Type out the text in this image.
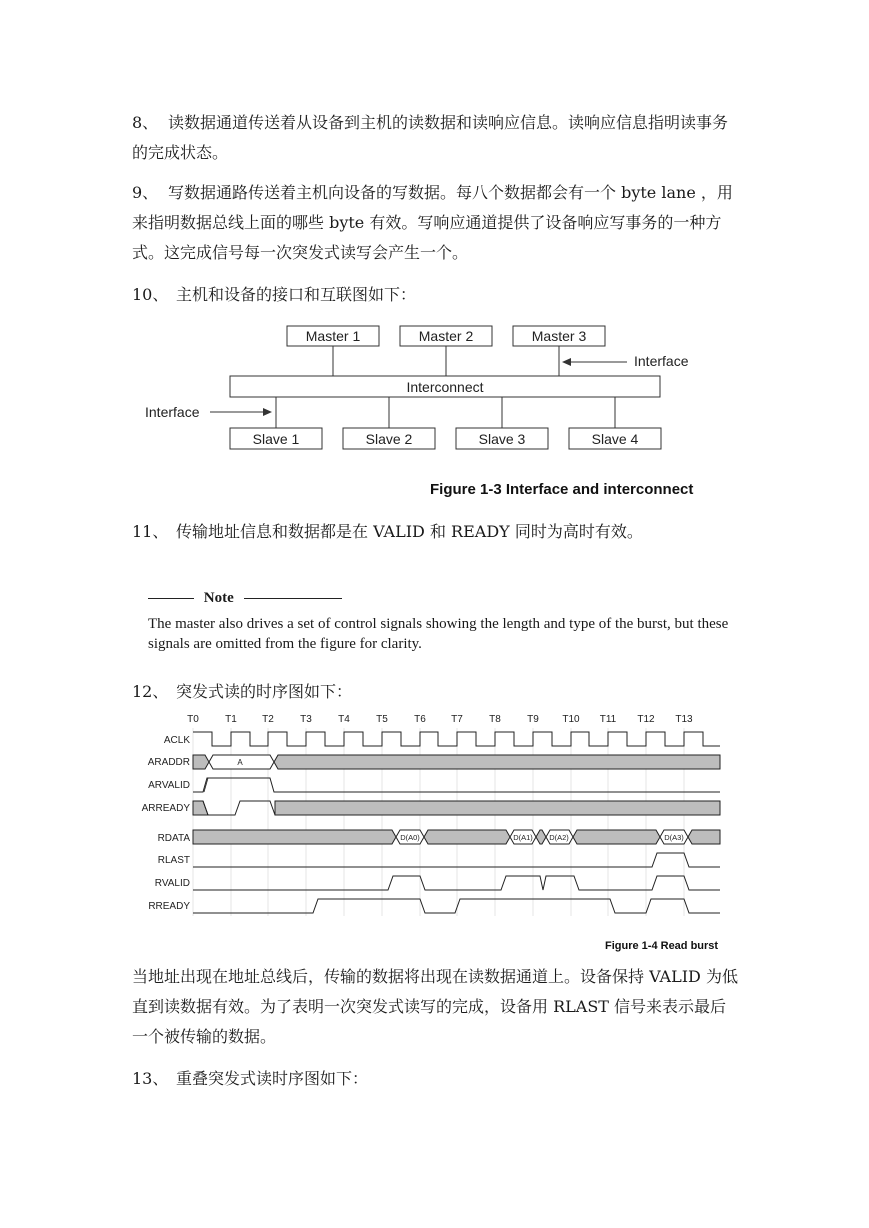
8、 读数据通道传送着从设备到主机的读数据和读响应信息。读响应信息指明读事务的完成状态。
9、 写数据通路传送着主机向设备的写数据。每八个数据都会有一个 byte lane ，用来指明数据总线上面的哪些 byte 有效。写响应通道提供了设备响应写事务的一种方式。这完成信号每一次突发式读写会产生一个。
10、 主机和设备的接口和互联图如下：
Master 1	Master 2	Master 3
Interconnect
Slave 1	Slave 2	Slave 3	Slave 4
Interface
Interface
Figure 1-3 Interface and interconnect
11、 传输地址信息和数据都是在 VALID 和 READY 同时为高时有效。
Note
The master also drives a set of control signals showing the length and type of the burst, but these signals are omitted from the figure for clarity.
12、 突发式读的时序图如下：
T0	T1	T2	T3	T4	T5	T6	T7	T8	T9 T10 T11 T12 T13
ACLK
ARADDR
ARVALID
ARREADY
RDATA
RLAST
RVALID
RREADY
A
D(A0)	D(A1) D(A2)	D(A3)
Figure 1-4 Read burst
当地址出现在地址总线后，传输的数据将出现在读数据通道上。设备保持 VALID 为低直到读数据有效。为了表明一次突发式读写的完成，设备用 RLAST 信号来表示最后一个被传输的数据。
13、 重叠突发式读时序图如下：
